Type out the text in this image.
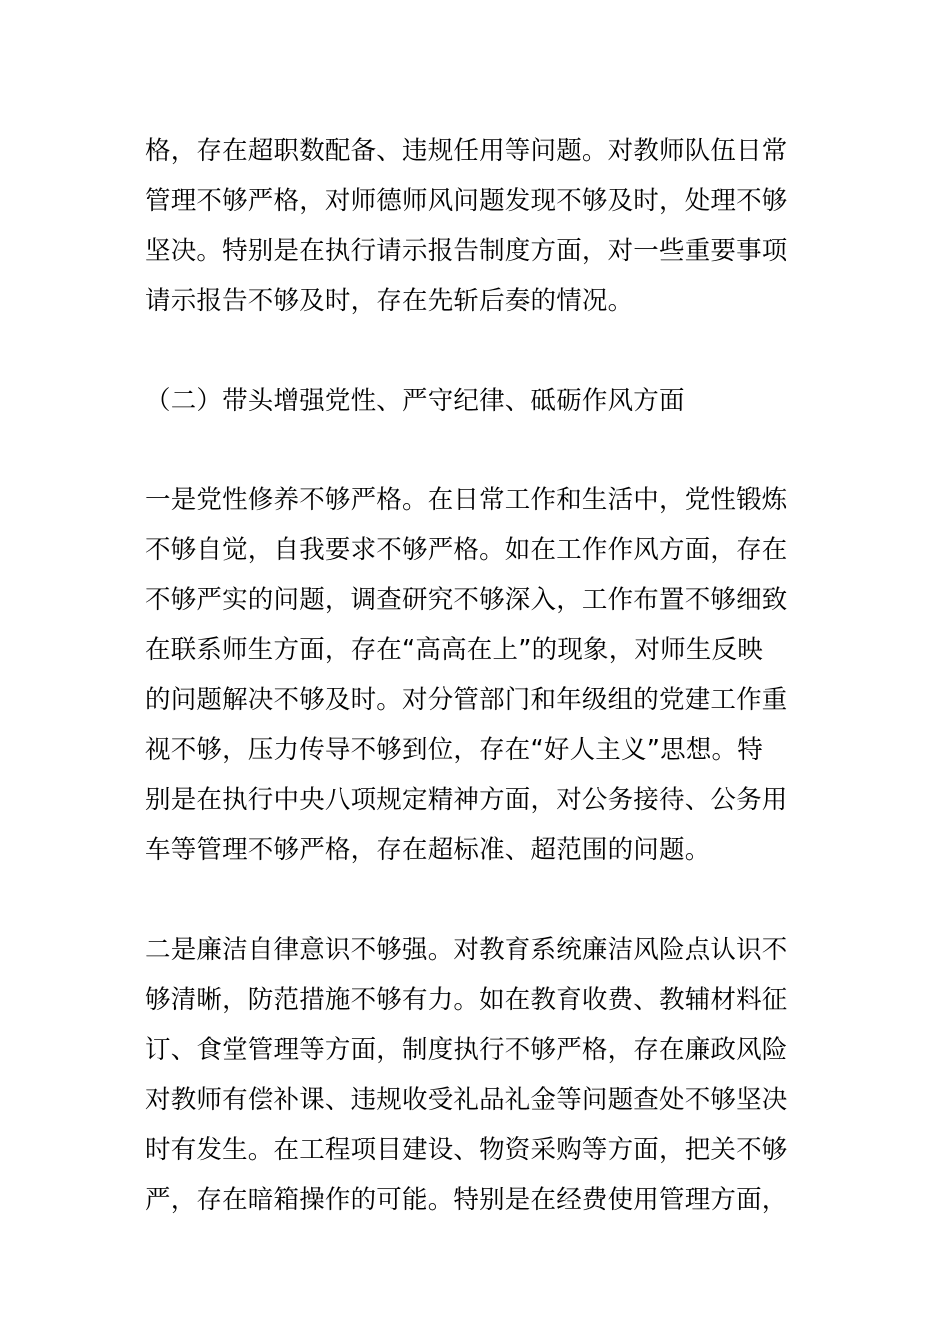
格，存在超职数配备、违规任用等问题。对教师队伍日常
管理不够严格，对师德师风问题发现不够及时，处理不够
坚决。特别是在执行请示报告制度方面，对一些重要事项
请示报告不够及时，存在先斩后奏的情况。
（二）带头增强党性、严守纪律、砥砺作风方面
一是党性修养不够严格。在日常工作和生活中，党性锻炼
不够自觉，自我要求不够严格。如在工作作风方面，存在
不够严实的问题，调查研究不够深入，工作布置不够细致
在联系师生方面，存在“高高在上”的现象，对师生反映
的问题解决不够及时。对分管部门和年级组的党建工作重
视不够，压力传导不够到位，存在“好人主义”思想。特
别是在执行中央八项规定精神方面，对公务接待、公务用
车等管理不够严格，存在超标准、超范围的问题。
二是廉洁自律意识不够强。对教育系统廉洁风险点认识不
够清晰，防范措施不够有力。如在教育收费、教辅材料征
订、食堂管理等方面，制度执行不够严格，存在廉政风险
对教师有偿补课、违规收受礼品礼金等问题查处不够坚决
时有发生。在工程项目建设、物资采购等方面，把关不够
严，存在暗箱操作的可能。特别是在经费使用管理方面，
